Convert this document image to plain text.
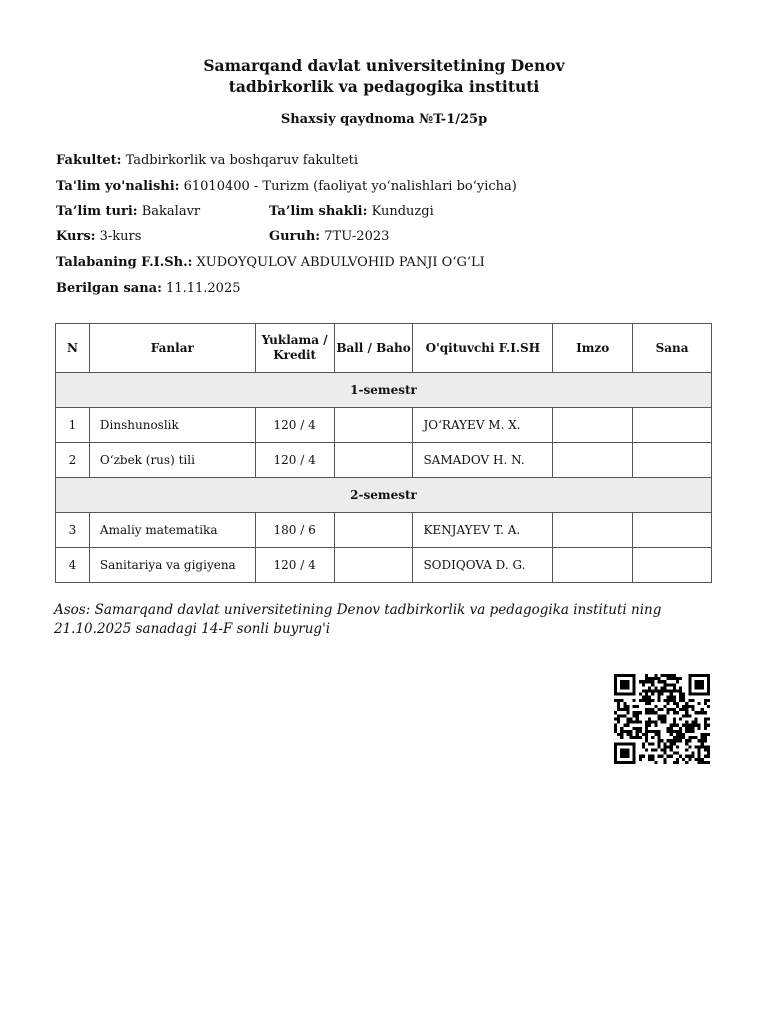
Samarqand davlat universitetining Denov
tadbirkorlik va pedagogika instituti
Shaxsiy qaydnoma №T-1/25p
Fakultet: Tadbirkorlik va boshqaruv fakulteti
Ta'lim yo'nalishi: 61010400 - Turizm (faoliyat yo‘nalishlari bo‘yicha)
Ta’lim turi: Bakalavr	Ta’lim shakli: Kunduzgi
Kurs: 3-kurs	Guruh: 7TU-2023
Talabaning F.I.Sh.: XUDOYQULOV ABDULVOHID PANJI O‘G‘LI
Berilgan sana: 11.11.2025
N	Fanlar	Yuklama / Kredit	Ball / Baho	O'qituvchi F.I.SH	Imzo	Sana
1-semestr						
1	Dinshunoslik	120 / 4		JO‘RAYEV M. X.		
2	O‘zbek (rus) tili	120 / 4		SAMADOV H. N.		
2-semestr						
3	Amaliy matematika	180 / 6		KENJAYEV T. A.		
4	Sanitariya va gigiyena	120 / 4		SODIQOVA D. G.		
Asos: Samarqand davlat universitetining Denov tadbirkorlik va pedagogika instituti ning 21.10.2025 sanadagi 14-F sonli buyrug'i
